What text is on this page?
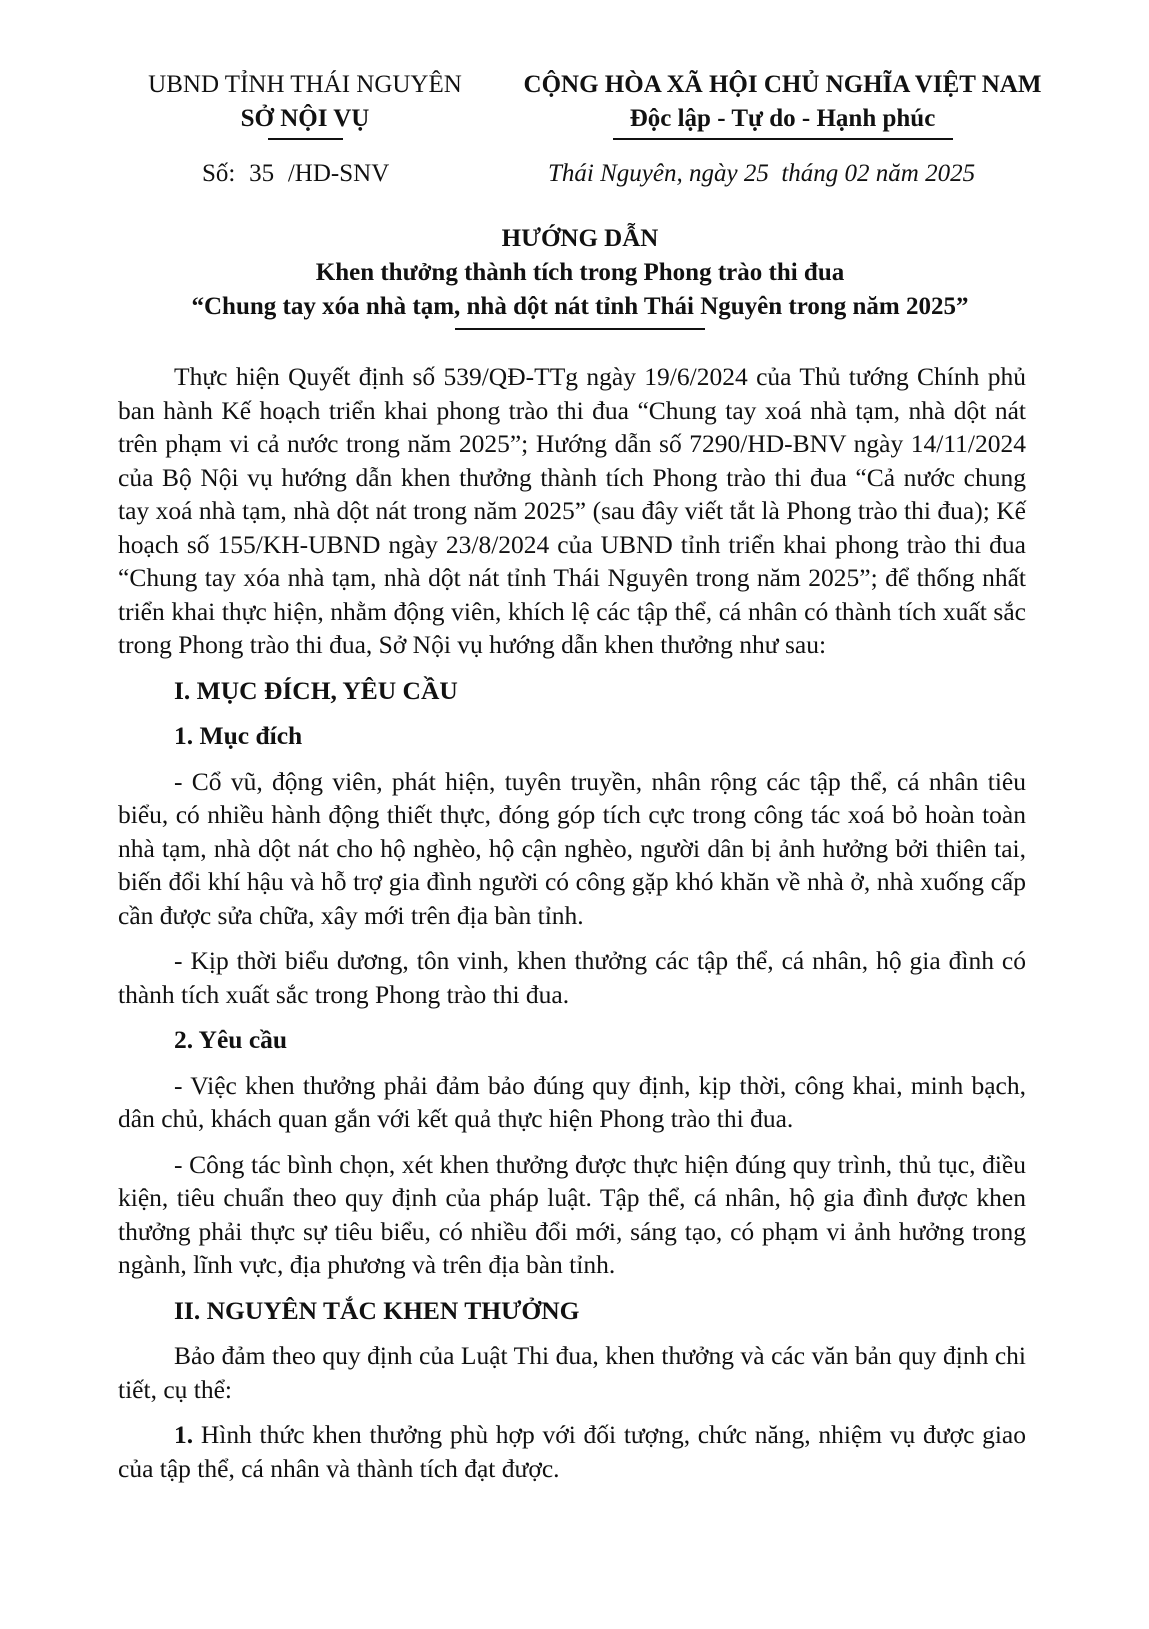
UBND TỈNH THÁI NGUYÊN
SỞ NỘI VỤ
CỘNG HÒA XÃ HỘI CHỦ NGHĨA VIỆT NAM
Độc lập - Tự do - Hạnh phúc
Số: 35 /HD-SNV	Thái Nguyên, ngày 25  tháng 02 năm 2025
HƯỚNG DẪN
Khen thưởng thành tích trong Phong trào thi đua
“Chung tay xóa nhà tạm, nhà dột nát tỉnh Thái Nguyên trong năm 2025”

Thực hiện Quyết định số 539/QĐ-TTg ngày 19/6/2024 của Thủ tướng Chính phủ ban hành Kế hoạch triển khai phong trào thi đua “Chung tay xoá nhà tạm, nhà dột nát trên phạm vi cả nước trong năm 2025”; Hướng dẫn số 7290/HD-BNV ngày 14/11/2024 của Bộ Nội vụ hướng dẫn khen thưởng thành tích Phong trào thi đua “Cả nước chung tay xoá nhà tạm, nhà dột nát trong năm 2025” (sau đây viết tắt là Phong trào thi đua); Kế hoạch số 155/KH-UBND ngày 23/8/2024 của UBND tỉnh triển khai phong trào thi đua “Chung tay xóa nhà tạm, nhà dột nát tỉnh Thái Nguyên trong năm 2025”; để thống nhất triển khai thực hiện, nhằm động viên, khích lệ các tập thể, cá nhân có thành tích xuất sắc trong Phong trào thi đua, Sở Nội vụ hướng dẫn khen thưởng như sau:

I. MỤC ĐÍCH, YÊU CẦU
1. Mục đích

- Cổ vũ, động viên, phát hiện, tuyên truyền, nhân rộng các tập thể, cá nhân tiêu biểu, có nhiều hành động thiết thực, đóng góp tích cực trong công tác xoá bỏ hoàn toàn nhà tạm, nhà dột nát cho hộ nghèo, hộ cận nghèo, người dân bị ảnh hưởng bởi thiên tai, biến đổi khí hậu và hỗ trợ gia đình người có công gặp khó khăn về nhà ở, nhà xuống cấp cần được sửa chữa, xây mới trên địa bàn tỉnh.

- Kịp thời biểu dương, tôn vinh, khen thưởng các tập thể, cá nhân, hộ gia đình có thành tích xuất sắc trong Phong trào thi đua.

2. Yêu cầu

- Việc khen thưởng phải đảm bảo đúng quy định, kịp thời, công khai, minh bạch, dân chủ, khách quan gắn với kết quả thực hiện Phong trào thi đua.

- Công tác bình chọn, xét khen thưởng được thực hiện đúng quy trình, thủ tục, điều kiện, tiêu chuẩn theo quy định của pháp luật. Tập thể, cá nhân, hộ gia đình được khen thưởng phải thực sự tiêu biểu, có nhiều đổi mới, sáng tạo, có phạm vi ảnh hưởng trong ngành, lĩnh vực, địa phương và trên địa bàn tỉnh.

II. NGUYÊN TẮC KHEN THƯỞNG

Bảo đảm theo quy định của Luật Thi đua, khen thưởng và các văn bản quy định chi tiết, cụ thể:

1. Hình thức khen thưởng phù hợp với đối tượng, chức năng, nhiệm vụ được giao của tập thể, cá nhân và thành tích đạt được.
